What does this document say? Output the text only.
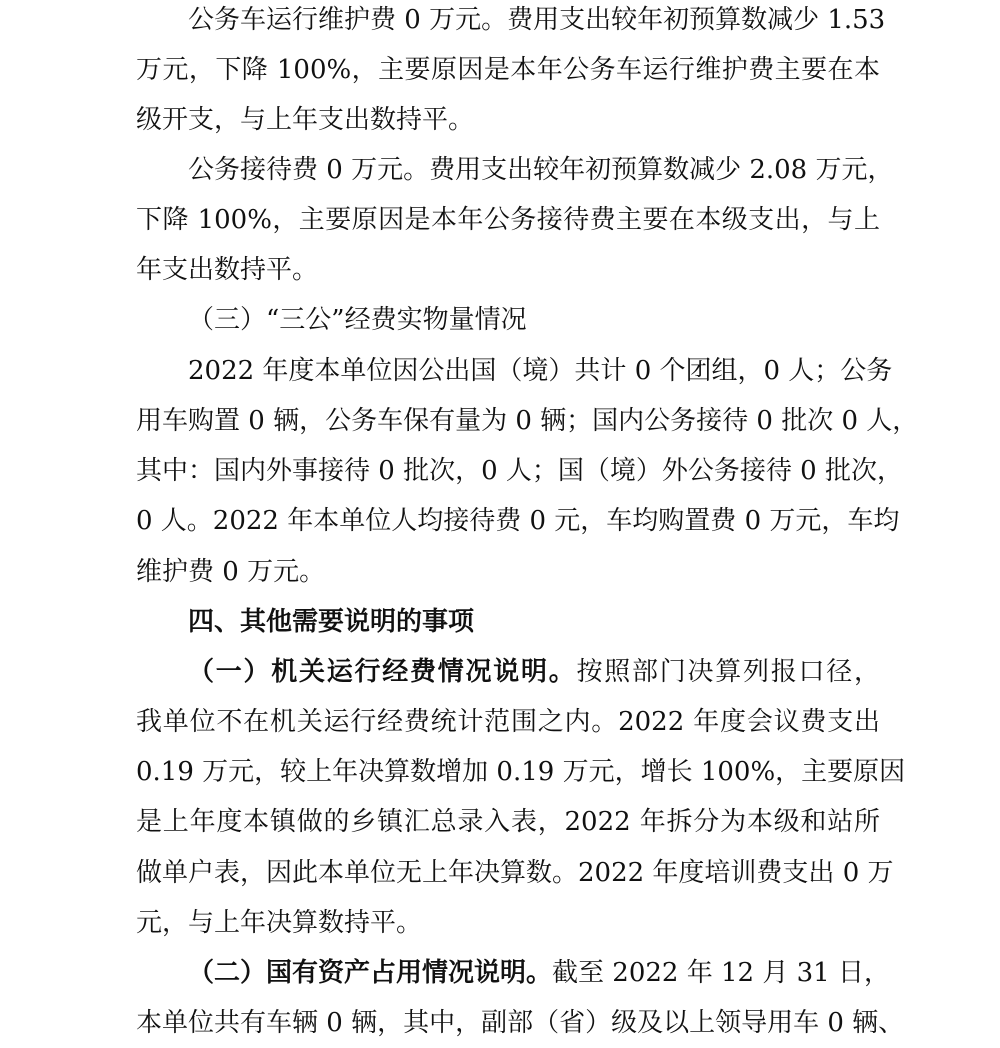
公务车运行维护费 0 万元。费用支出较年初预算数减少 1.53
万元，下降 100%，主要原因是本年公务车运行维护费主要在本
级开支，与上年支出数持平。
公务接待费 0 万元。费用支出较年初预算数减少 2.08 万元，
下降 100%，主要原因是本年公务接待费主要在本级支出，与上
年支出数持平。
（三）“三公”经费实物量情况
2022 年度本单位因公出国（境）共计 0 个团组，0 人；公务
用车购置 0 辆，公务车保有量为 0 辆；国内公务接待 0 批次 0 人，
其中：国内外事接待 0 批次，0 人；国（境）外公务接待 0 批次，
0 人。2022 年本单位人均接待费 0 元，车均购置费 0 万元，车均
维护费 0 万元。
四、其他需要说明的事项
（一）机关运行经费情况说明。按照部门决算列报口径，
我单位不在机关运行经费统计范围之内。2022 年度会议费支出
0.19 万元，较上年决算数增加 0.19 万元，增长 100%，主要原因
是上年度本镇做的乡镇汇总录入表，2022 年拆分为本级和站所
做单户表，因此本单位无上年决算数。2022 年度培训费支出 0 万
元，与上年决算数持平。
（二）国有资产占用情况说明。截至 2022 年 12 月 31 日，
本单位共有车辆 0 辆，其中，副部（省）级及以上领导用车 0 辆、
